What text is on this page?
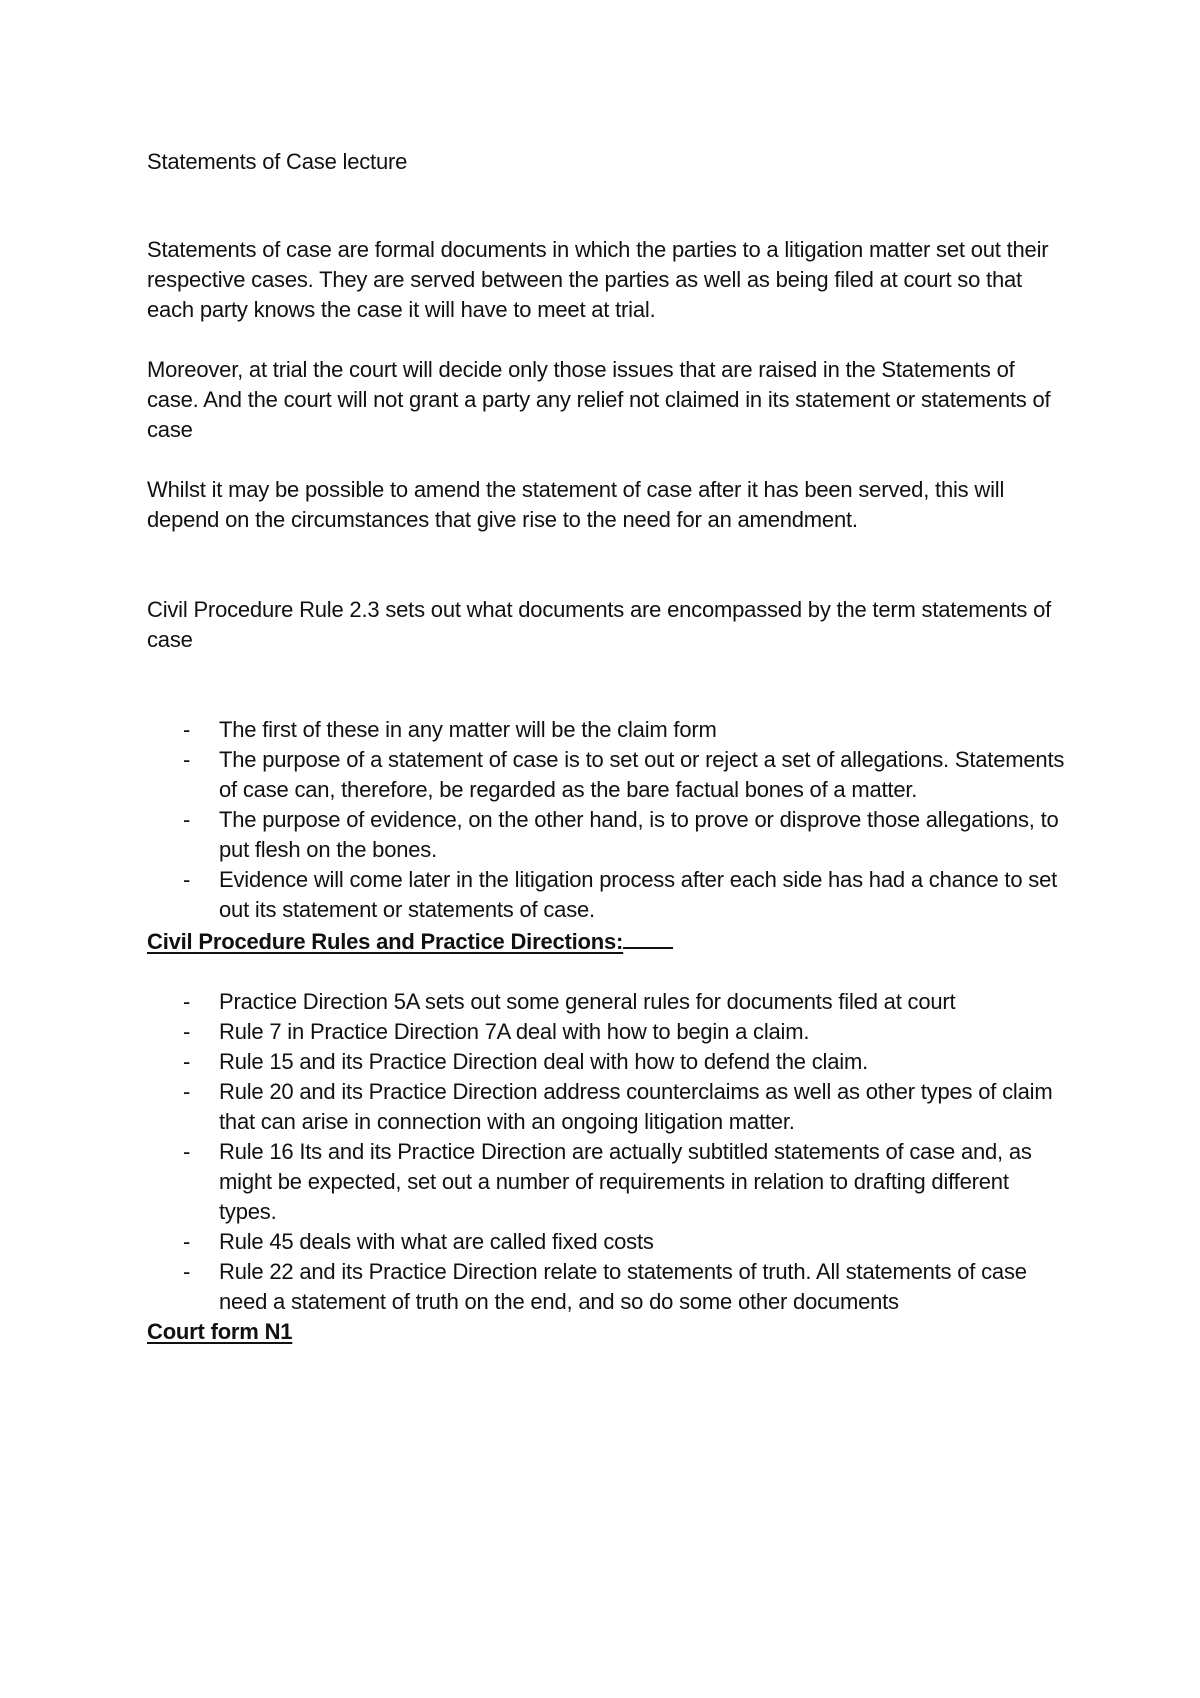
Statements of Case lecture

Statements of case are formal documents in which the parties to a litigation matter set out their respective cases. They are served between the parties as well as being filed at court so that each party knows the case it will have to meet at trial.

Moreover, at trial the court will decide only those issues that are raised in the Statements of case. And the court will not grant a party any relief not claimed in its statement or statements of case

Whilst it may be possible to amend the statement of case after it has been served, this will depend on the circumstances that give rise to the need for an amendment.

Civil Procedure Rule 2.3 sets out what documents are encompassed by the term statements of case

- The first of these in any matter will be the claim form
- The purpose of a statement of case is to set out or reject a set of allegations. Statements of case can, therefore, be regarded as the bare factual bones of a matter.
- The purpose of evidence, on the other hand, is to prove or disprove those allegations, to put flesh on the bones.
- Evidence will come later in the litigation process after each side has had a chance to set out its statement or statements of case.

Civil Procedure Rules and Practice Directions:

- Practice Direction 5A sets out some general rules for documents filed at court
- Rule 7 in Practice Direction 7A deal with how to begin a claim.
- Rule 15 and its Practice Direction deal with how to defend the claim.
- Rule 20 and its Practice Direction address counterclaims as well as other types of claim that can arise in connection with an ongoing litigation matter.
- Rule 16 Its and its Practice Direction are actually subtitled statements of case and, as might be expected, set out a number of requirements in relation to drafting different types.
- Rule 45 deals with what are called fixed costs
- Rule 22 and its Practice Direction relate to statements of truth. All statements of case need a statement of truth on the end, and so do some other documents

Court form N1
